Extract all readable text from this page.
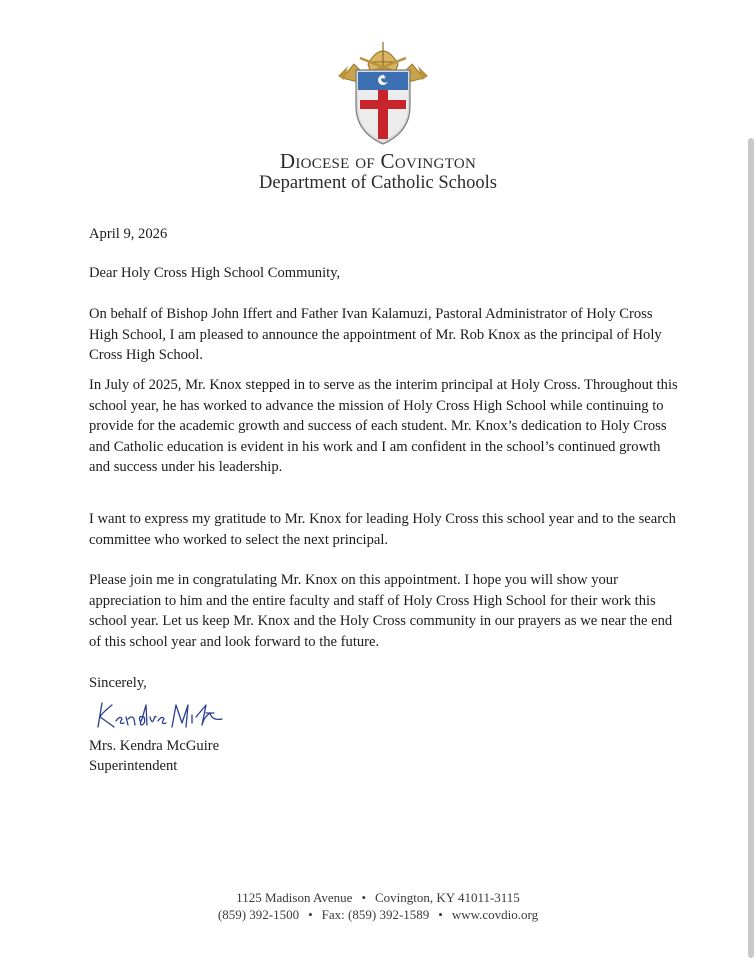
Diocese of Covington
Department of Catholic Schools
April 9, 2026
Dear Holy Cross High School Community,
On behalf of Bishop John Iffert and Father Ivan Kalamuzi, Pastoral Administrator of Holy Cross High School, I am pleased to announce the appointment of Mr. Rob Knox as the principal of Holy Cross High School.
In July of 2025, Mr. Knox stepped in to serve as the interim principal at Holy Cross. Throughout this school year, he has worked to advance the mission of Holy Cross High School while continuing to provide for the academic growth and success of each student. Mr. Knox’s dedication to Holy Cross and Catholic education is evident in his work and I am confident in the school’s continued growth and success under his leadership.
I want to express my gratitude to Mr. Knox for leading Holy Cross this school year and to the search committee who worked to select the next principal.
Please join me in congratulating Mr. Knox on this appointment. I hope you will show your appreciation to him and the entire faculty and staff of Holy Cross High School for their work this school year. Let us keep Mr. Knox and the Holy Cross community in our prayers as we near the end of this school year and look forward to the future.
Sincerely,
Mrs. Kendra McGuire
Superintendent
1125 Madison Avenue • Covington, KY 41011-3115
(859) 392-1500 • Fax: (859) 392-1589 • www.covdio.org
